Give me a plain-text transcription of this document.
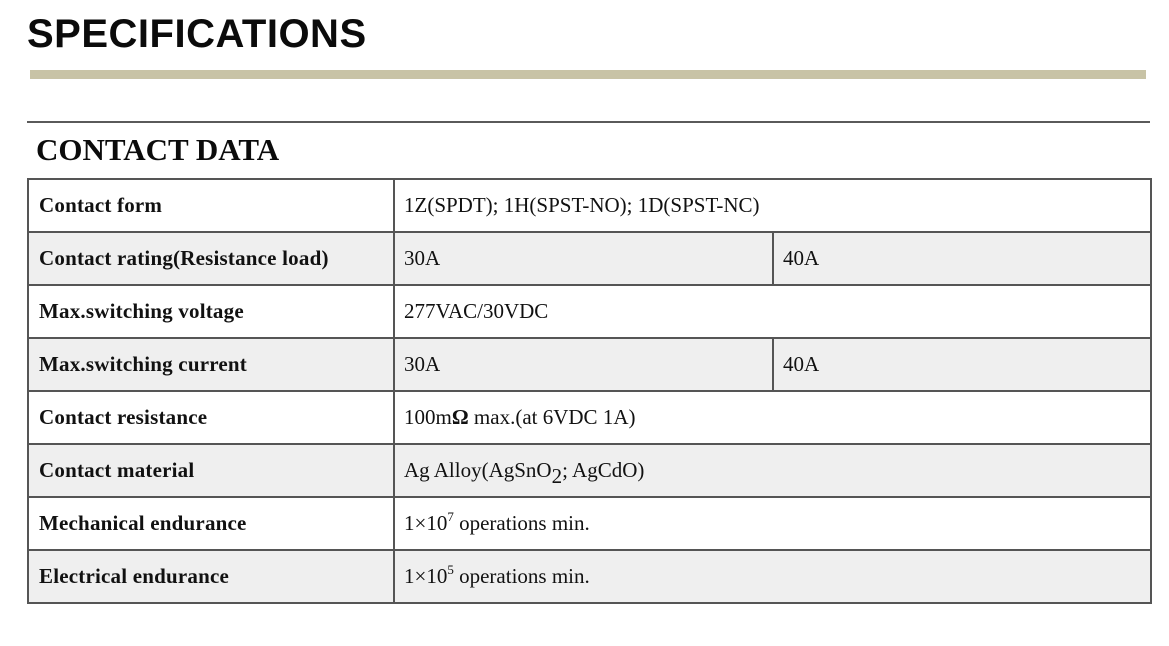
SPECIFICATIONS
CONTACT DATA
Contact form	1Z(SPDT); 1H(SPST-NO); 1D(SPST-NC)	
Contact rating(Resistance load)	30A	40A
Max.switching voltage	277VAC/30VDC	
Max.switching current	30A	40A
Contact resistance	100mΩ max.(at 6VDC 1A)	
Contact material	Ag Alloy(AgSnO$_2$; AgCdO)	
Mechanical endurance	$1\times 10^7$ operations min.	
Electrical endurance	$1\times 10^5$ operations min.	
